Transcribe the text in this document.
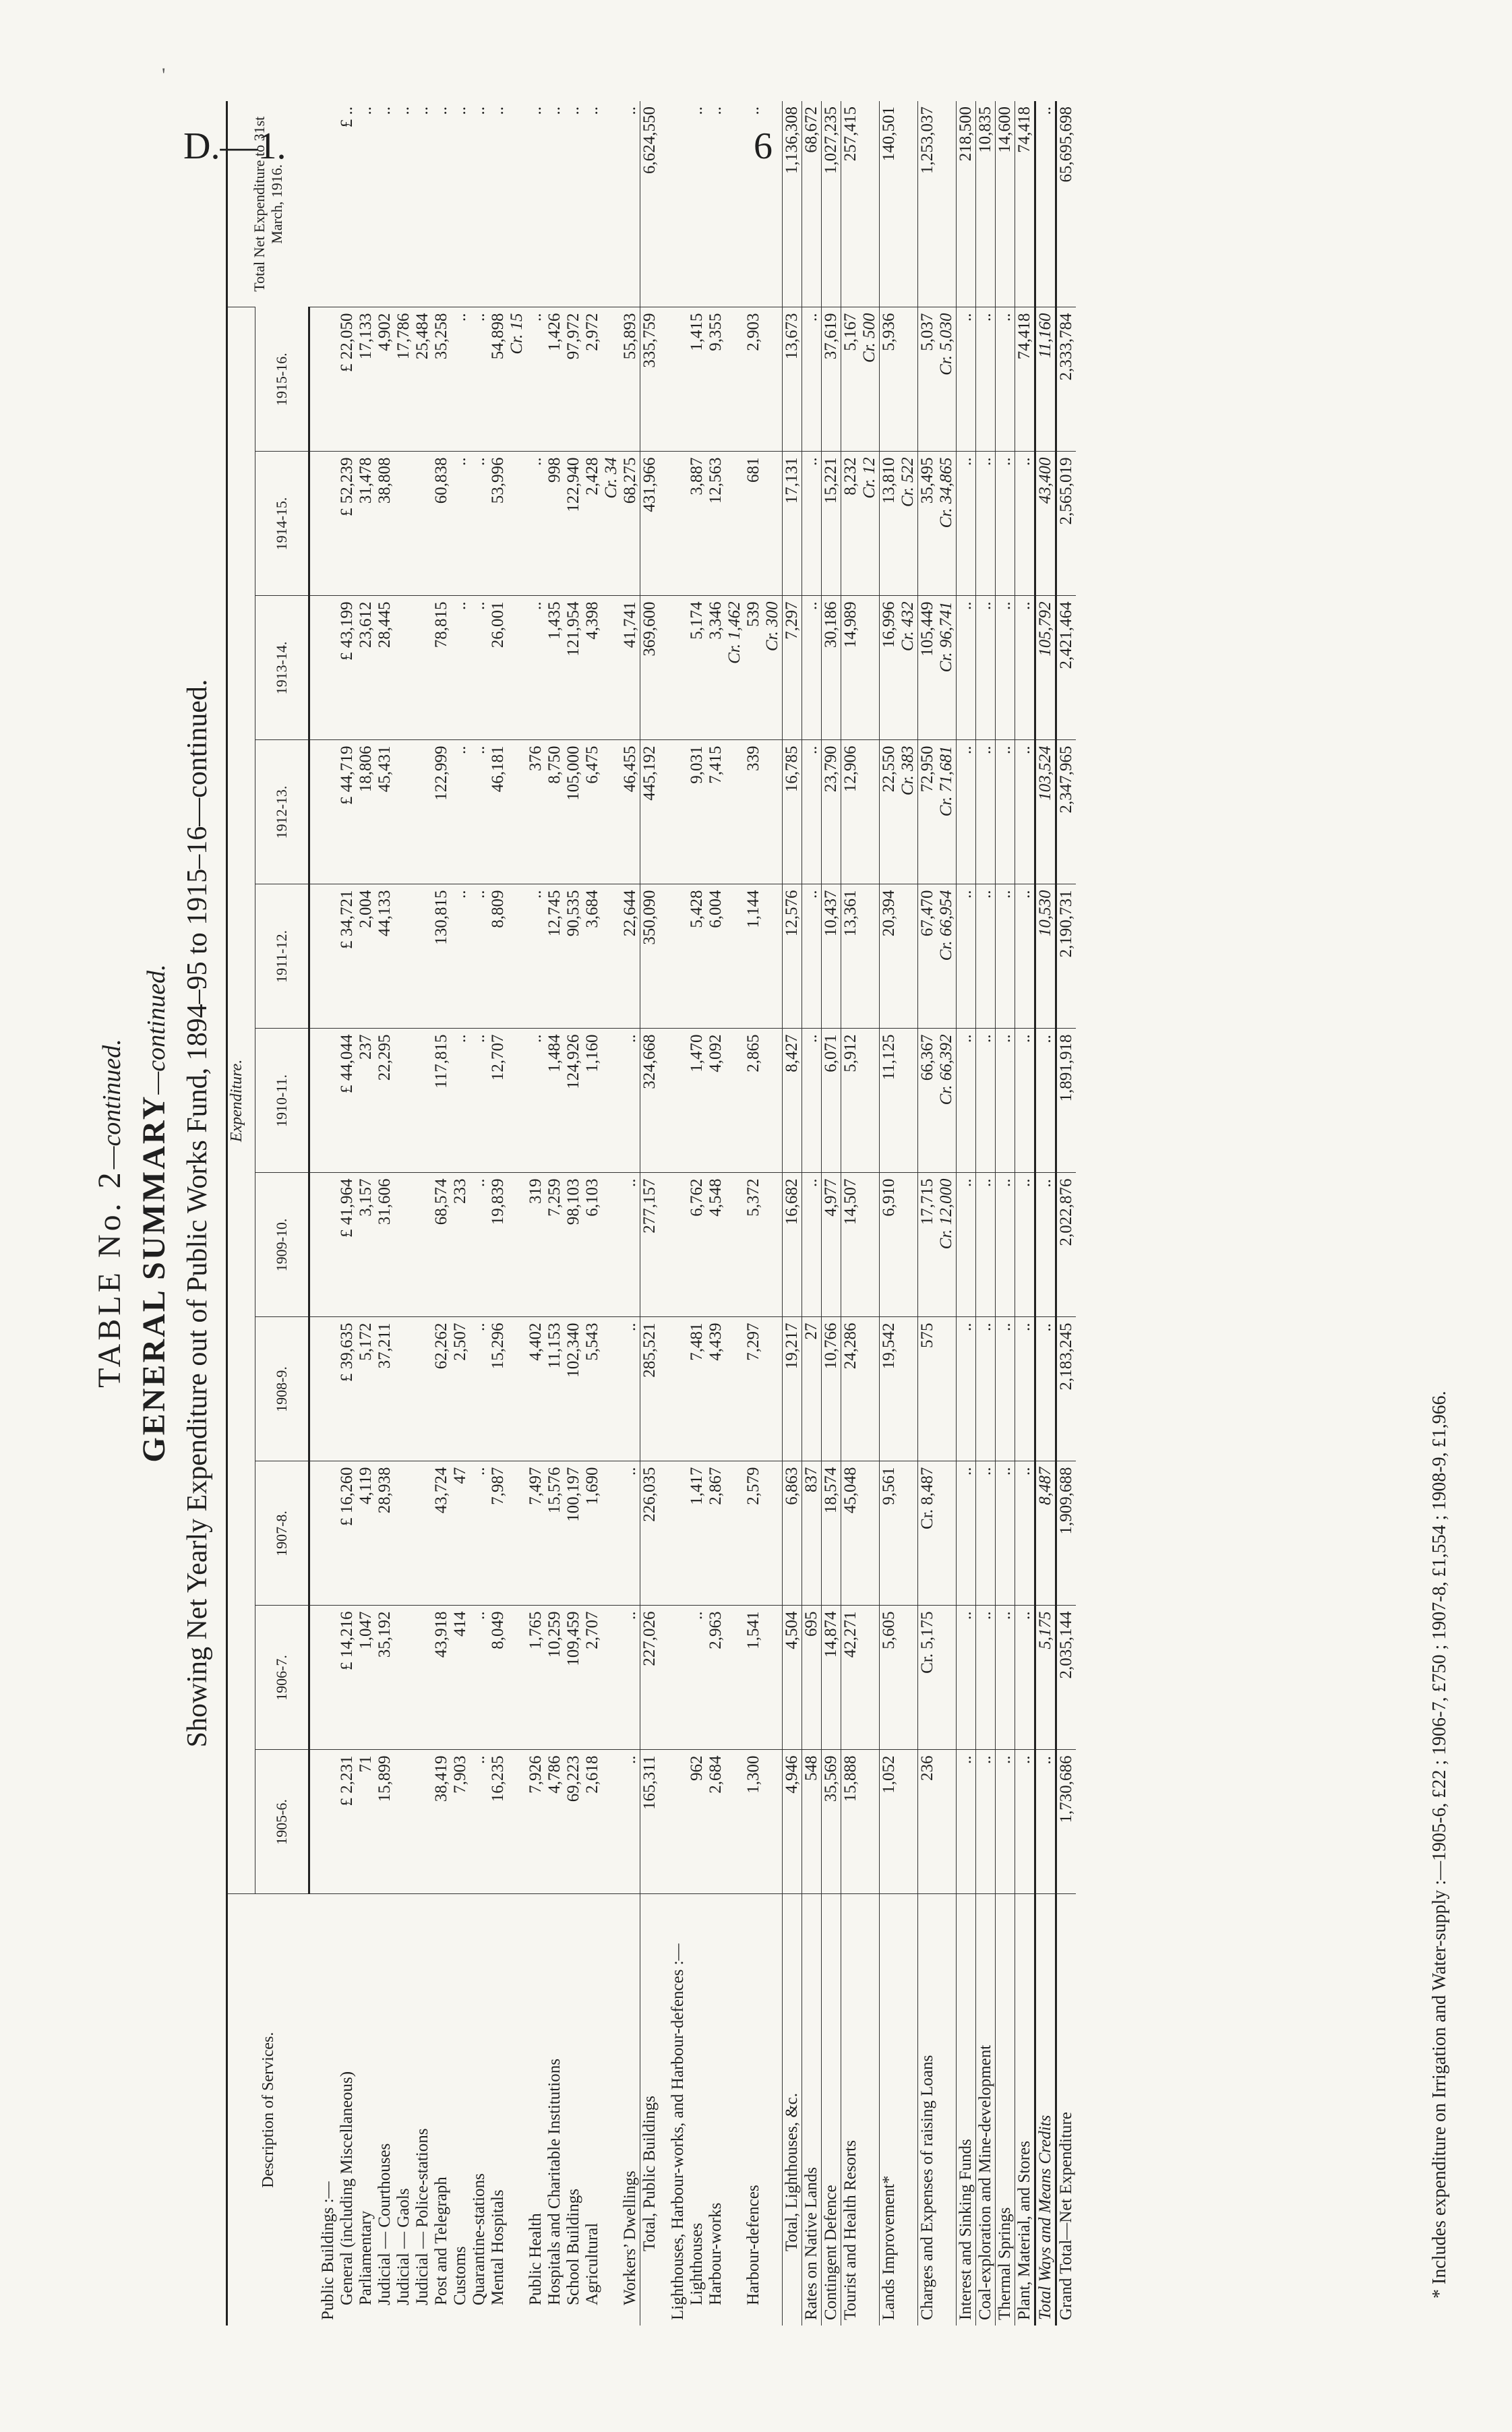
D.—1.	6
'
TABLE No. 2—continued. GENERAL SUMMARY—continued. Showing Net Yearly Expenditure out of Public Works Fund, 1894–95 to 1915–16—continued.
Description of Services.	Expenditure.											Total Net Expenditure to 31st March, 1916.
	1905-6.	1906-7.	1907-8.	1908-9.	1909-10.	1910-11.	1911-12.	1912-13.	1913-14.	1914-15.	1915-16.	
Public Buildings :—												
General (including Miscellaneous)	£ 2,231	£ 14,216	£ 16,260	£ 39,635	£ 41,964	£ 44,044	£ 34,721	£ 44,719	£ 43,199	£ 52,239	£ 22,050	£ ..
Parliamentary	71	1,047	4,119	5,172	3,157	237	2,004	18,806	23,612	31,478	17,133	..
Judicial — Courthouses	15,899	35,192	28,938	37,211	31,606	22,295	44,133	45,431	28,445	38,808	4,902	..
Judicial — Gaols											17,786	..
Judicial — Police-stations											25,484	..
Post and Telegraph	38,419	43,918	43,724	62,262	68,574	117,815	130,815	122,999	78,815	60,838	35,258	..
Customs	7,903	414	47	2,507	233	..	..	..	..	..	..	..
Quarantine-stations	..	..	..	..	..	..	..	..	..	..	..	..
Mental Hospitals	16,235	8,049	7,987	15,296	19,839	12,707	8,809	46,181	26,001	53,996	54,898	..
											Cr. 15	
Public Health	7,926	1,765	7,497	4,402	319	..	..	376	..	..	..	..
Hospitals and Charitable Institutions	4,786	10,259	15,576	11,153	7,259	1,484	12,745	8,750	1,435	998	1,426	..
School Buildings	69,223	109,459	100,197	102,340	98,103	124,926	90,535	105,000	121,954	122,940	97,972	..
Agricultural	2,618	2,707	1,690	5,543	6,103	1,160	3,684	6,475	4,398	2,428	2,972	..
										Cr. 34		
Workers’ Dwellings	..	..	..	..	..	..	22,644	46,455	41,741	68,275	55,893	..
Total, Public Buildings	165,311	227,026	226,035	285,521	277,157	324,668	350,090	445,192	369,600	431,966	335,759	6,624,550
Lighthouses, Harbour-works, and Harbour-defences :—												
Lighthouses	962	..	1,417	7,481	6,762	1,470	5,428	9,031	5,174	3,887	1,415	..
Harbour-works	2,684	2,963	2,867	4,439	4,548	4,092	6,004	7,415	3,346	12,563	9,355	..
									Cr. 1,462			
Harbour-defences	1,300	1,541	2,579	7,297	5,372	2,865	1,144	339	539	681	2,903	..
									Cr. 300			
Total, Lighthouses, &c.	4,946	4,504	6,863	19,217	16,682	8,427	12,576	16,785	7,297	17,131	13,673	1,136,308
Rates on Native Lands	548	695	837	27	..	..	..	..	..	..	..	68,672
Contingent Defence	35,569	14,874	18,574	10,766	4,977	6,071	10,437	23,790	30,186	15,221	37,619	1,027,235
Tourist and Health Resorts	15,888	42,271	45,048	24,286	14,507	5,912	13,361	12,906	14,989	8,232	5,167	257,415
										Cr. 12	Cr. 500	
Lands Improvement*	1,052	5,605	9,561	19,542	6,910	11,125	20,394	22,550	16,996	13,810	5,936	140,501
								Cr. 383	Cr. 432	Cr. 522		
Charges and Expenses of raising Loans	236	Cr. 5,175	Cr. 8,487	575	17,715	66,367	67,470	72,950	105,449	35,495	5,037	1,253,037
					Cr. 12,000	Cr. 66,392	Cr. 66,954	Cr. 71,681	Cr. 96,741	Cr. 34,865	Cr. 5,030	
Interest and Sinking Funds	..	..	..	..	..	..	..	..	..	..	..	218,500
Coal-exploration and Mine-development	..	..	..	..	..	..	..	..	..	..	..	10,835
Thermal Springs	..	..	..	..	..	..	..	..	..	..	..	14,600
Plant, Material, and Stores	..	..	..	..	..	..	..	..	..	..	74,418	74,418
Total Ways and Means Credits	..	5,175	8,487	..	..	..	10,530	103,524	105,792	43,400	11,160	..
Grand Total—Net Expenditure	1,730,686	2,035,144	1,909,688	2,183,245	2,022,876	1,891,918	2,190,731	2,347,965	2,421,464	2,565,019	2,333,784	65,695,698
* Includes expenditure on Irrigation and Water-supply :—1905-6, £22 ; 1906-7, £750 ; 1907-8, £1,554 ; 1908-9, £1,966.
